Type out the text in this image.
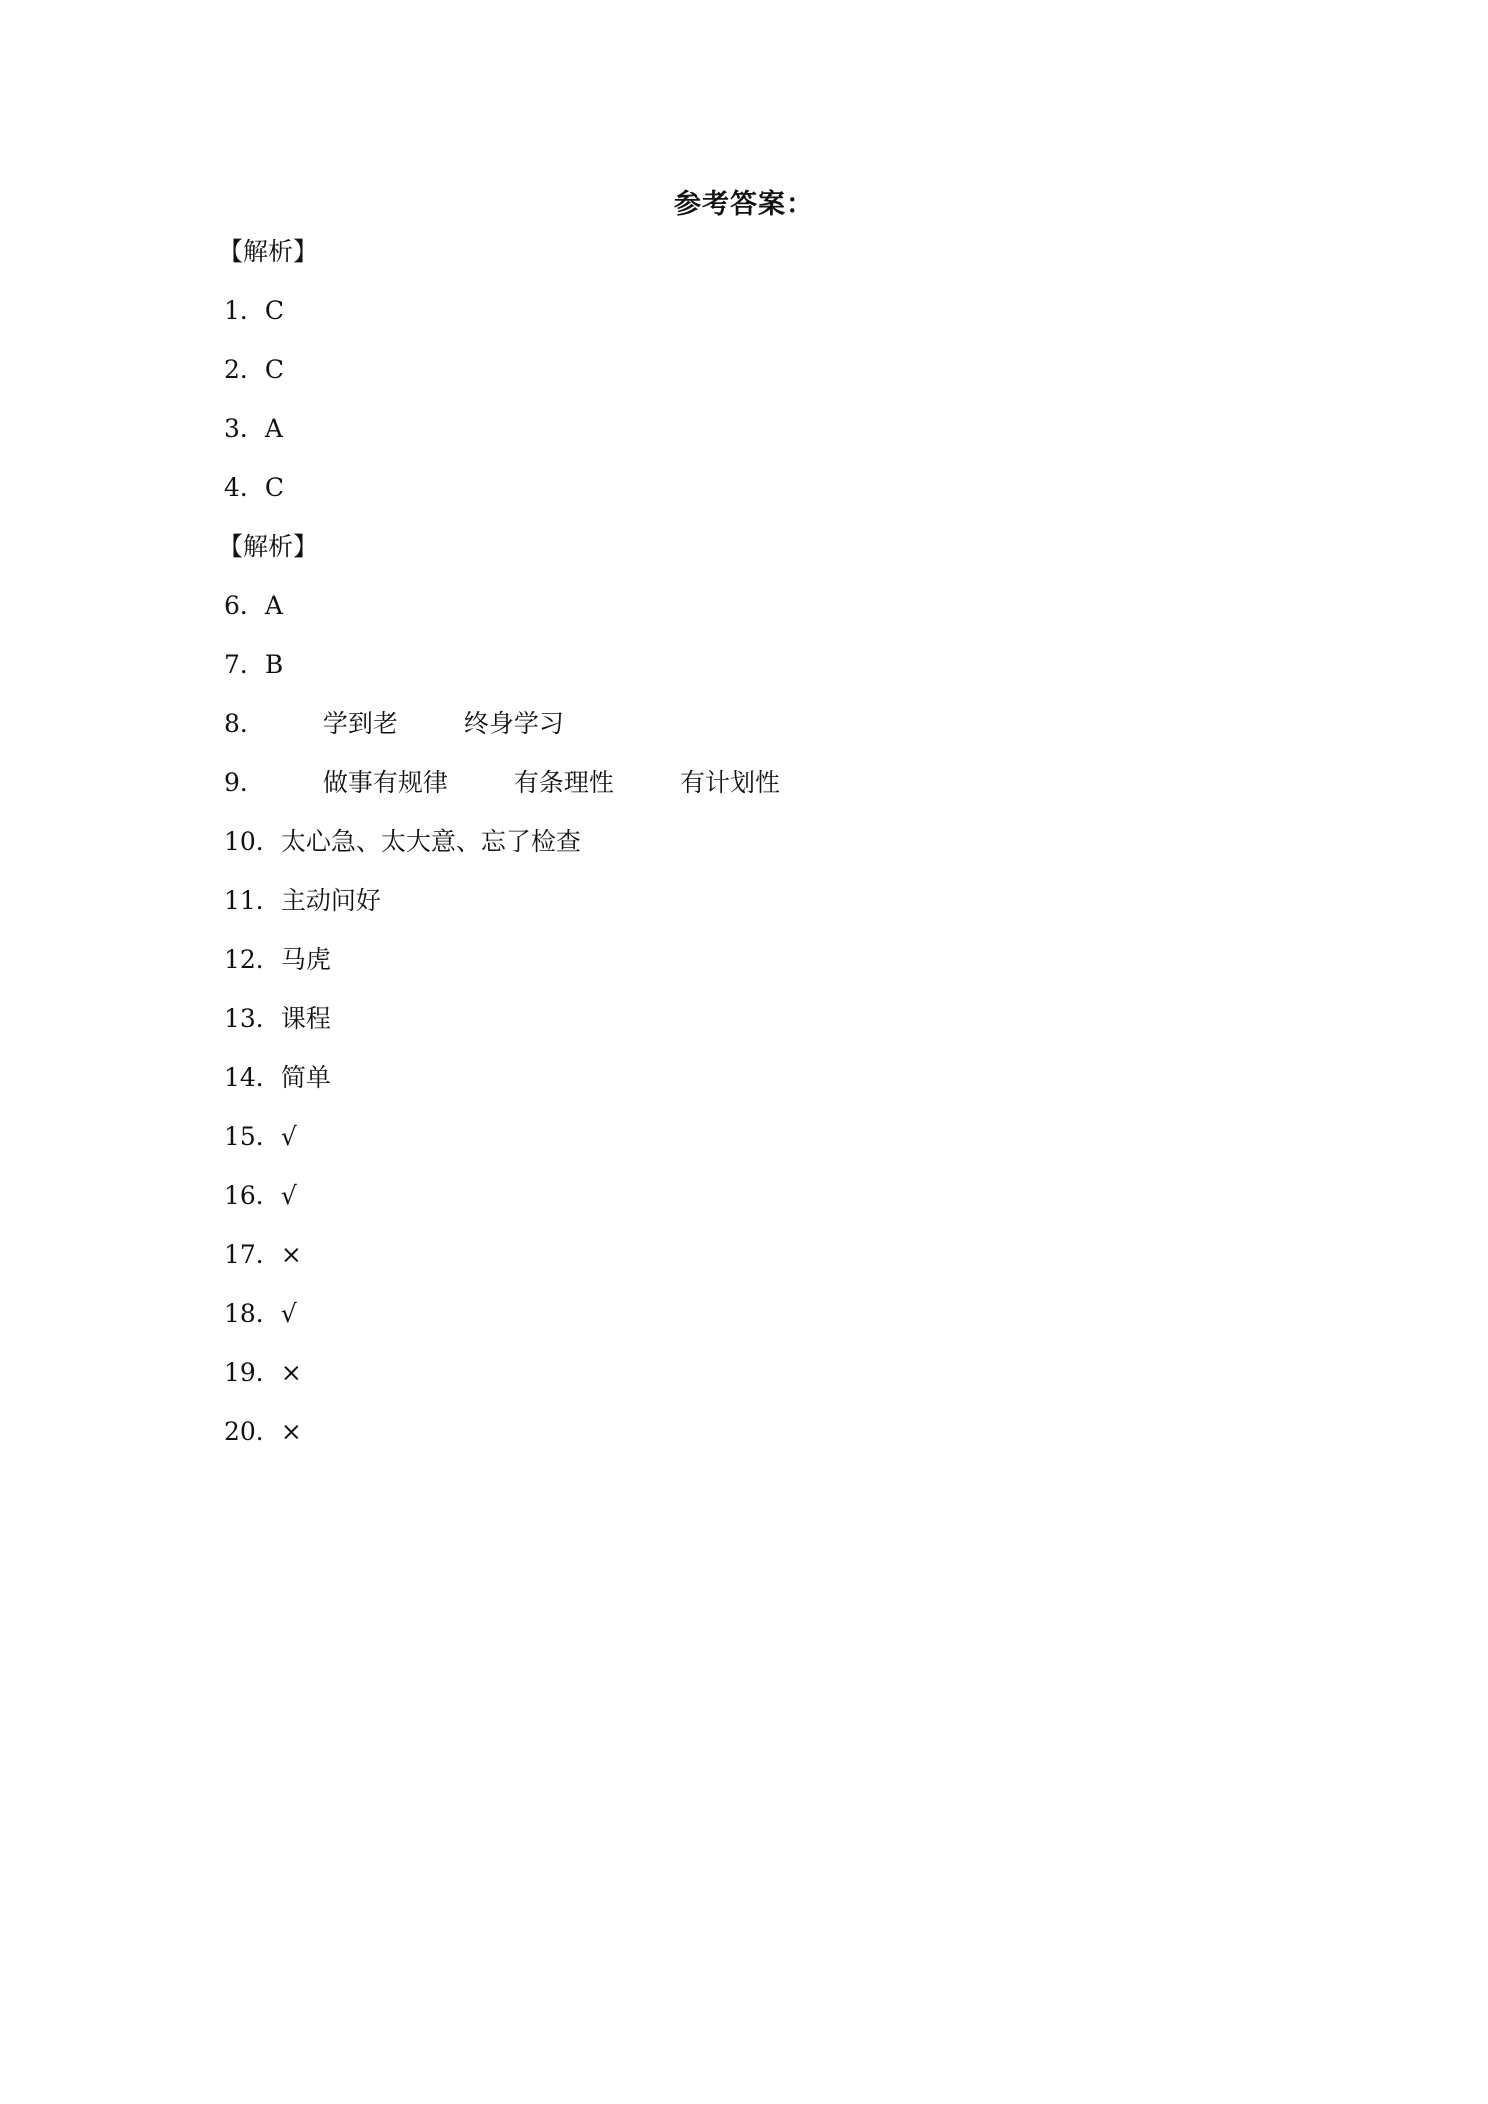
参考答案：
【解析】
1． C
2． C
3． A
4． C
【解析】
6． A
7． B
8． 学到老	终身学习
9． 做事有规律	有条理性	有计划性
10． 太心急、太大意、忘了检查
11． 主动问好
12． 马虎
13． 课程
14． 简单
15． √
16． √
17． ×
18． √
19． ×
20． ×
